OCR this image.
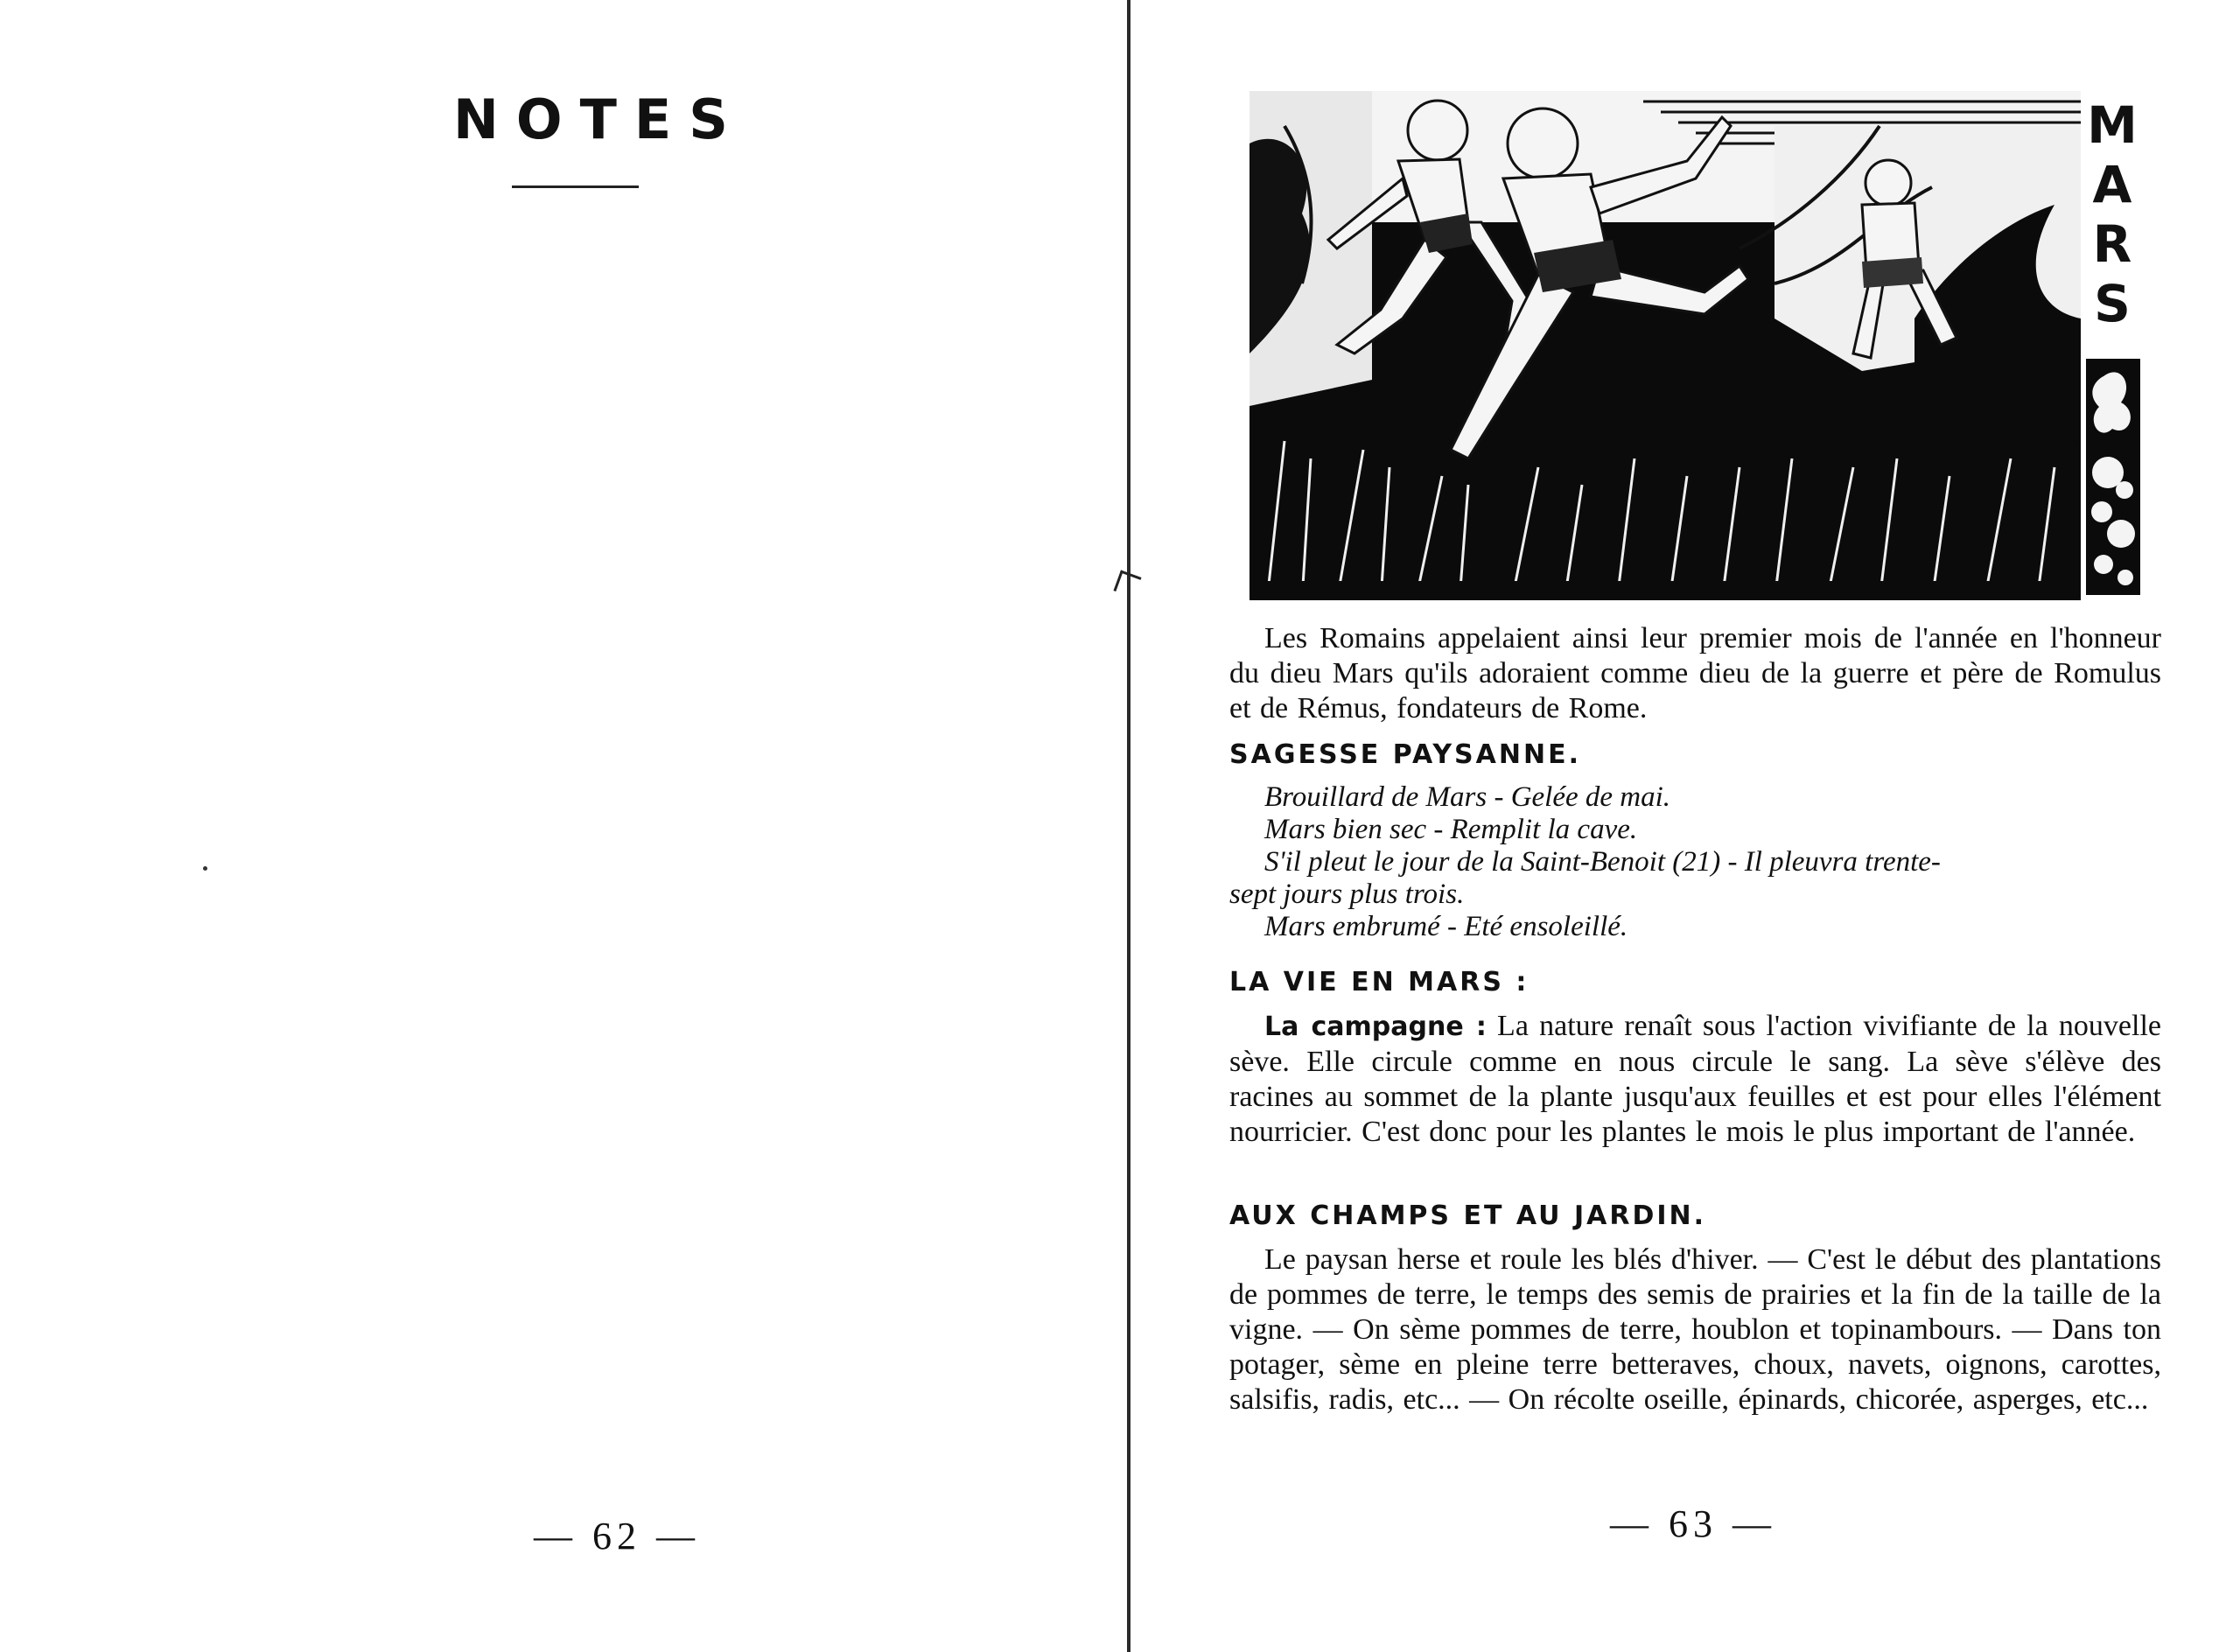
NOTES
— 62 —
M
A
R
S
Les Romains appelaient ainsi leur premier mois de l'année en l'honneur du dieu Mars qu'ils adoraient comme dieu de la guerre et père de Romulus et de Rémus, fondateurs de Rome.
SAGESSE PAYSANNE.
Brouillard de Mars - Gelée de mai.
Mars bien sec - Remplit la cave.
S'il pleut le jour de la Saint-Benoit (21) - Il pleuvra trente-
sept jours plus trois.
Mars embrumé - Eté ensoleillé.
LA VIE EN MARS :
La campagne : La nature renaît sous l'action vivifiante de la nouvelle sève. Elle circule comme en nous circule le sang. La sève s'élève des racines au sommet de la plante jusqu'aux feuilles et est pour elles l'élément nourricier. C'est donc pour les plantes le mois le plus important de l'année.
AUX CHAMPS ET AU JARDIN.
Le paysan herse et roule les blés d'hiver. — C'est le début des plantations de pommes de terre, le temps des semis de prairies et la fin de la taille de la vigne. — On sème pommes de terre, houblon et topinambours. — Dans ton potager, sème en pleine terre betteraves, choux, navets, oignons, carottes, salsifis, radis, etc... — On récolte oseille, épinards, chicorée, asperges, etc...
— 63 —
